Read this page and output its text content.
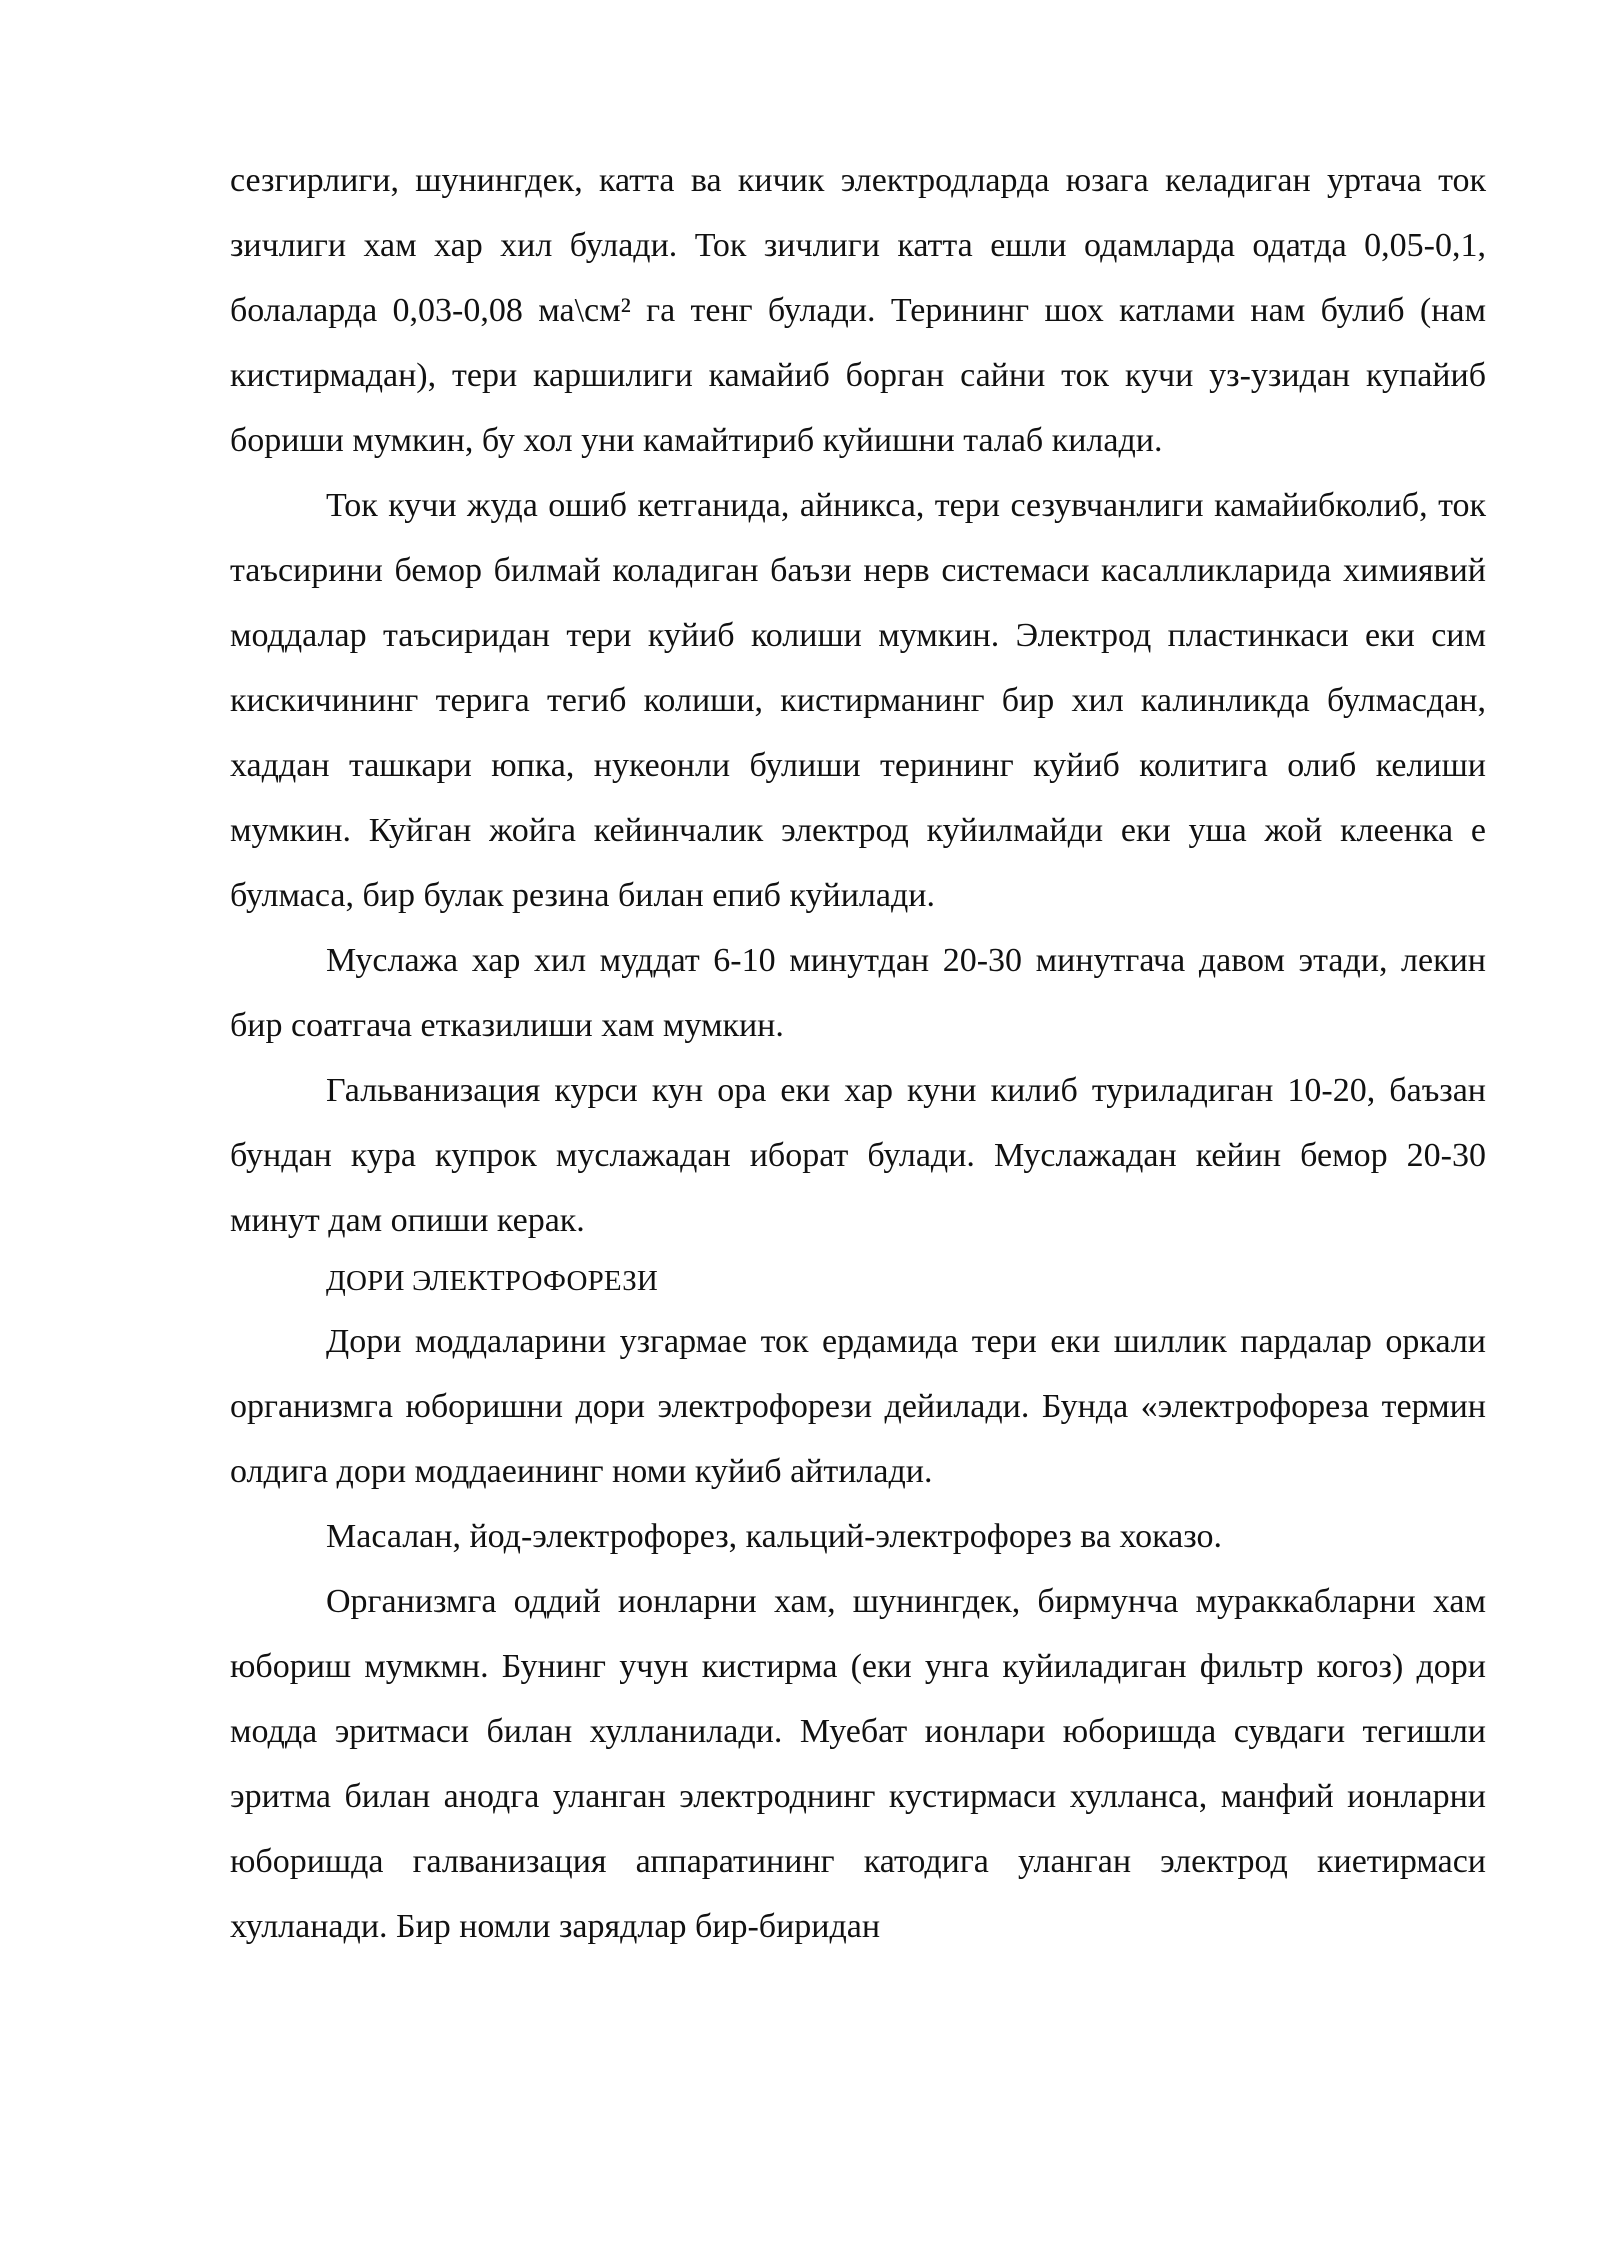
сезгирлиги, шунингдек, катта ва кичик электродларда юзага келадиган уртача ток зичлиги хам хар хил булади. Ток зичлиги катта ешли одамларда одатда 0,05-0,1, болаларда 0,03-0,08 ма\см² га тенг булади. Терининг шох катлами нам булиб (нам кистирмадан), тери каршилиги камайиб борган сайни ток кучи уз-узидан купайиб бориши мумкин, бу хол уни камайтириб куйишни талаб килади.

Ток кучи жуда ошиб кетганида, айникса, тери сезувчанлиги камайибколиб, ток таъсирини бемор билмай коладиган баъзи нерв системаси касалликларида химиявий моддалар таъсиридан тери куйиб колиши мумкин. Электрод пластинкаси еки сим кискичининг терига тегиб колиши, кистирманинг бир хил калинликда булмасдан, хаддан ташкари юпка, нукеонли булиши терининг куйиб колитига олиб келиши мумкин. Куйган жойга кейинчалик электрод куйилмайди еки уша жой клеенка е булмаса, бир булак резина билан епиб куйилади.

Муслажа хар хил муддат 6-10 минутдан 20-30 минутгача давом этади, лекин бир соатгача етказилиши хам мумкин.

Гальванизация курси кун ора еки хар куни килиб туриладиган 10-20, баъзан бундан кура купрок муслажадан иборат булади. Муслажадан кейин бемор 20-30 минут дам опиши керак.

ДОРИ ЭЛЕКТРОФОРЕЗИ

Дори моддаларини узгармае ток ердамида тери еки шиллик пардалар оркали организмга юборишни дори электрофорези дейилади. Бунда «электрофореза термин олдига дори моддаеининг номи куйиб айтилади.

Масалан, йод-электрофорез, кальций-электрофорез ва хоказо.

Организмга оддий ионларни хам, шунингдек, бирмунча мураккабларни хам юбориш мумкмн. Бунинг учун кистирма (еки унга куйиладиган фильтр когоз) дори модда эритмаси билан хулланилади. Муебат ионлари юборишда сувдаги тегишли эритма билан анодга уланган электроднинг кустирмаси хулланса, манфий ионларни юборишда галванизация аппаратининг катодига уланган электрод киетирмаси хулланади. Бир номли зарядлар бир-биридан
